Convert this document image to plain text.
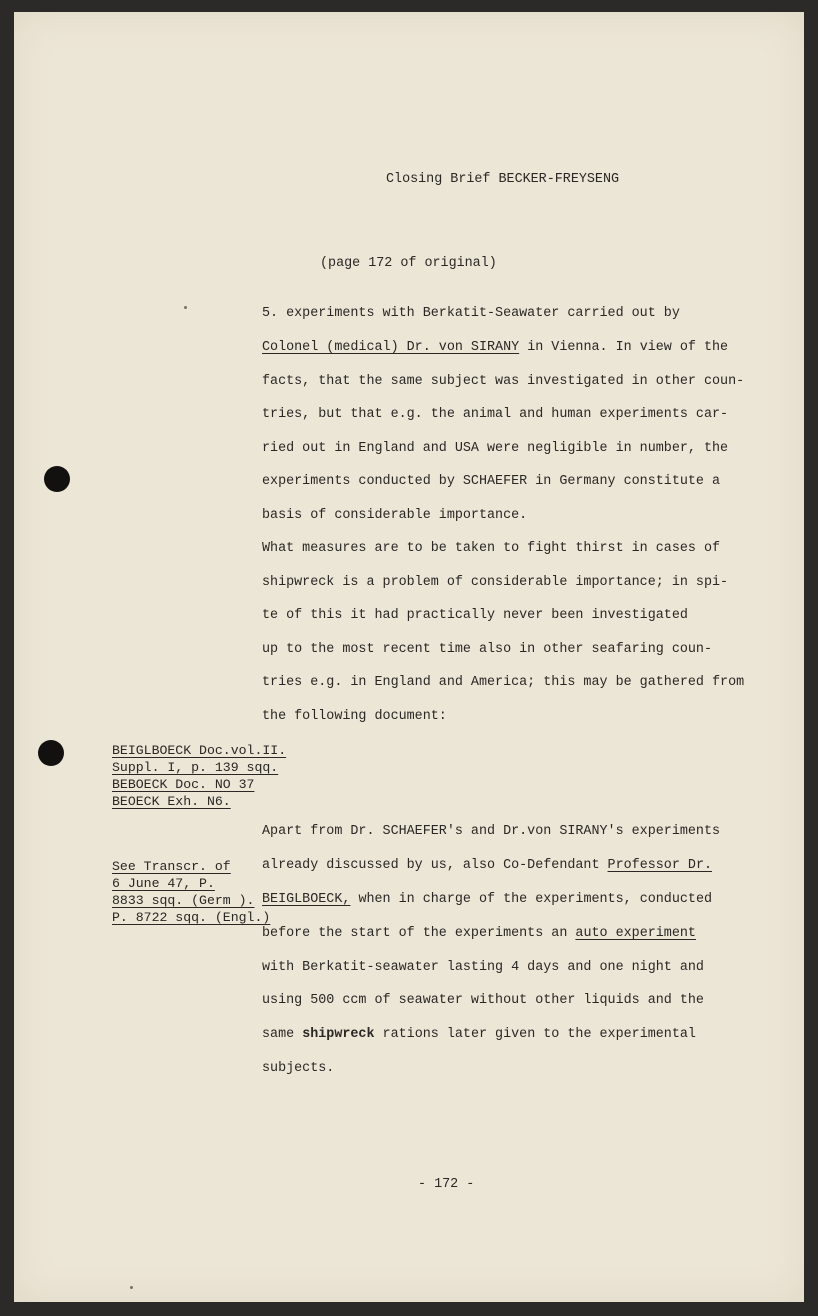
Closing Brief BECKER-FREYSENG
(page 172 of original)
5. experiments with Berkatit-Seawater carried out by
Colonel (medical) Dr. von SIRANY in Vienna. In view of the
facts, that the same subject was investigated in other coun-
tries, but that e.g. the animal and human experiments car-
ried out in England and USA were negligible in number, the
experiments conducted by SCHAEFER in Germany constitute a
basis of considerable importance.
What measures are to be taken to fight thirst in cases of
shipwreck is a problem of considerable importance; in spi-
te of this it had practically never been investigated
up to the most recent time also in other seafaring coun-
tries e.g. in England and America; this may be gathered from
the following document:
BEIGLBOECK Doc.vol.II.
Suppl. I, p. 139 sqq.
BEBOECK Doc. NO 37
BEOECK Exh. N6.
Apart from Dr. SCHAEFER's and Dr.von SIRANY's experiments
already discussed by us, also Co-Defendant Professor Dr.
BEIGLBOECK, when in charge of the experiments, conducted
before the start of the experiments an auto experiment
with Berkatit-seawater lasting 4 days and one night and
using 500 ccm of seawater without other liquids and the
same shipwreck rations later given to the experimental
subjects.
See Transcr. of
6 June 47, P.
8833 sqq. (Germ ).
P. 8722 sqq. (Engl.)
- 172 -
